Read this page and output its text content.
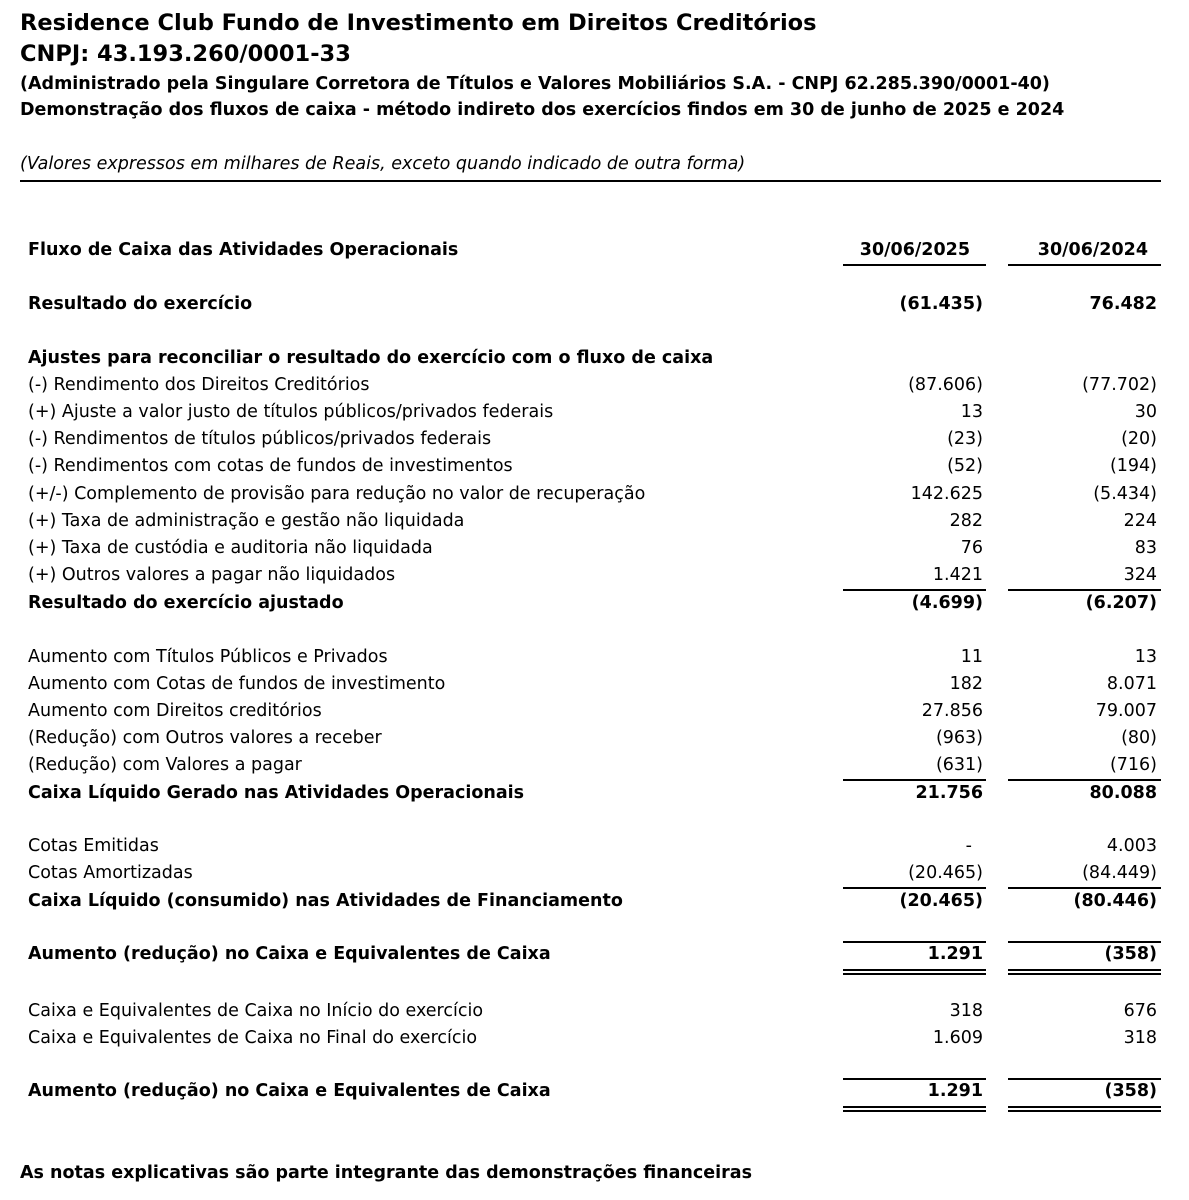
Residence Club Fundo de Investimento em Direitos Creditórios
CNPJ: 43.193.260/0001-33
(Administrado pela Singulare Corretora de Títulos e Valores Mobiliários S.A. - CNPJ 62.285.390/0001-40)
Demonstração dos fluxos de caixa - método indireto dos exercícios findos em 30 de junho de 2025 e 2024
(Valores expressos em milhares de Reais, exceto quando indicado de outra forma)
Fluxo de Caixa das Atividades Operacionais	30/06/2025	30/06/2024
Resultado do exercício	(61.435)	76.482
Ajustes para reconciliar o resultado do exercício com o fluxo de caixa
(-) Rendimento dos Direitos Creditórios	(87.606)	(77.702)
(+) Ajuste a valor justo de títulos públicos/privados federais	13	30
(-) Rendimentos de títulos públicos/privados federais	(23)	(20)
(-) Rendimentos com cotas de fundos de investimentos	(52)	(194)
(+/-) Complemento de provisão para redução no valor de recuperação	142.625	(5.434)
(+) Taxa de administração e gestão não liquidada	282	224
(+) Taxa de custódia e auditoria não liquidada	76	83
(+) Outros valores a pagar não liquidados	1.421	324
Resultado do exercício ajustado	(4.699)	(6.207)
Aumento com Títulos Públicos e Privados	11	13
Aumento com Cotas de fundos de investimento	182	8.071
Aumento com Direitos creditórios	27.856	79.007
(Redução) com Outros valores a receber	(963)	(80)
(Redução) com Valores a pagar	(631)	(716)
Caixa Líquido Gerado nas Atividades Operacionais	21.756	80.088
Cotas Emitidas	-	4.003
Cotas Amortizadas	(20.465)	(84.449)
Caixa Líquido (consumido) nas Atividades de Financiamento	(20.465)	(80.446)
Aumento (redução) no Caixa e Equivalentes de Caixa	1.291	(358)
Caixa e Equivalentes de Caixa no Início do exercício	318	676
Caixa e Equivalentes de Caixa no Final do exercício	1.609	318
Aumento (redução) no Caixa e Equivalentes de Caixa	1.291	(358)
As notas explicativas são parte integrante das demonstrações financeiras
